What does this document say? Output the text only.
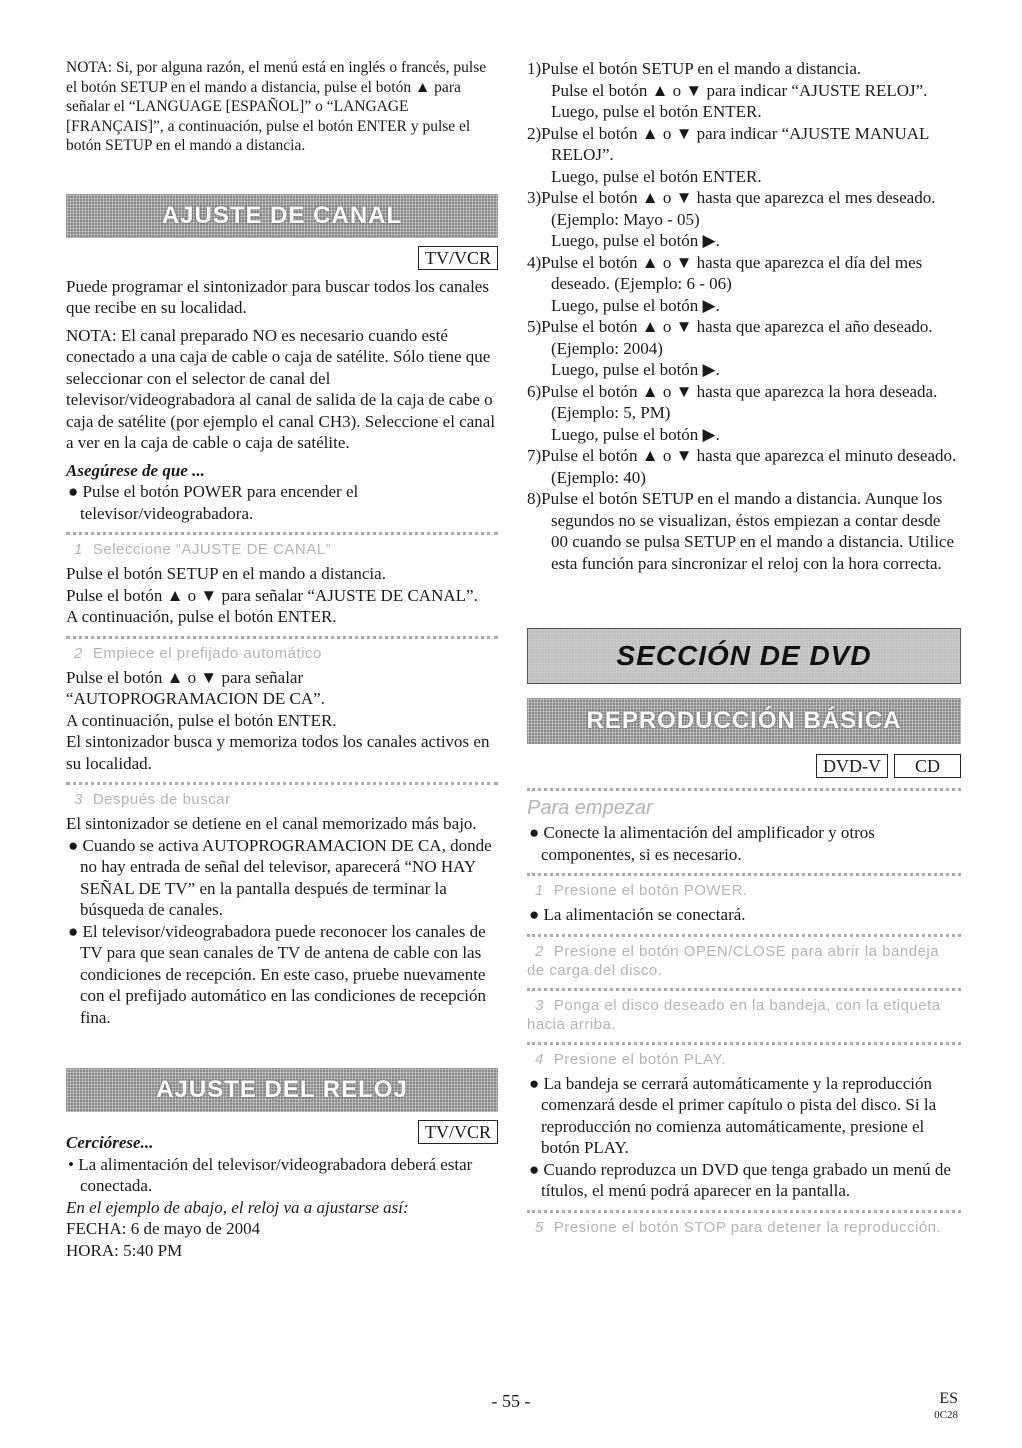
NOTA: Si, por alguna razón, el menú está en inglés o francés, pulse el botón SETUP en el mando a distancia, pulse el botón ▲ para señalar el “LANGUAGE [ESPAÑOL]” o “LANGAGE [FRANÇAIS]”, a continuación, pulse el botón ENTER y pulse el botón SETUP en el mando a distancia.

AJUSTE DE CANAL
TV/VCR

Puede programar el sintonizador para buscar todos los canales que recibe en su localidad.

NOTA: El canal preparado NO es necesario cuando esté conectado a una caja de cable o caja de satélite. Sólo tiene que seleccionar con el selector de canal del televisor/videograbadora al canal de salida de la caja de cabe o caja de satélite (por ejemplo el canal CH3). Seleccione el canal a ver en la caja de cable o caja de satélite.

Asegúrese de que ...

● Pulse el botón POWER para encender el televisor/videograbadora.

1 Seleccione “AJUSTE DE CANAL”

Pulse el botón SETUP en el mando a distancia.

Pulse el botón ▲ o ▼ para señalar “AJUSTE DE CANAL”.

A continuación, pulse el botón ENTER.

2 Empiece el prefijado automático

Pulse el botón ▲ o ▼ para señalar “AUTOPROGRAMACION DE CA”.

A continuación, pulse el botón ENTER.

El sintonizador busca y memoriza todos los canales activos en su localidad.

3 Después de buscar

El sintonizador se detiene en el canal memorizado más bajo.

● Cuando se activa AUTOPROGRAMACION DE CA, donde no hay entrada de señal del televisor, aparecerá “NO HAY SEÑAL DE TV” en la pantalla después de terminar la búsqueda de canales.

● El televisor/videograbadora puede reconocer los canales de TV para que sean canales de TV de antena de cable con las condiciones de recepción. En este caso, pruebe nuevamente con el prefijado automático en las condiciones de recepción fina.

AJUSTE DEL RELOJ
TV/VCR

Cerciórese...

• La alimentación del televisor/videograbadora deberá estar conectada.

En el ejemplo de abajo, el reloj va a ajustarse así:

FECHA: 6 de mayo de 2004

HORA: 5:40 PM

1)Pulse el botón SETUP en el mando a distancia.

Pulse el botón ▲ o ▼ para indicar “AJUSTE RELOJ”.

Luego, pulse el botón ENTER.

2)Pulse el botón ▲ o ▼ para indicar “AJUSTE MANUAL RELOJ”.

Luego, pulse el botón ENTER.

3)Pulse el botón ▲ o ▼ hasta que aparezca el mes deseado. (Ejemplo: Mayo - 05)

Luego, pulse el botón ▶.

4)Pulse el botón ▲ o ▼ hasta que aparezca el día del mes deseado. (Ejemplo: 6 - 06)

Luego, pulse el botón ▶.

5)Pulse el botón ▲ o ▼ hasta que aparezca el año deseado. (Ejemplo: 2004)

Luego, pulse el botón ▶.

6)Pulse el botón ▲ o ▼ hasta que aparezca la hora deseada. (Ejemplo: 5, PM)

Luego, pulse el botón ▶.

7)Pulse el botón ▲ o ▼ hasta que aparezca el minuto deseado. (Ejemplo: 40)

8)Pulse el botón SETUP en el mando a distancia. Aunque los segundos no se visualizan, éstos empiezan a contar desde 00 cuando se pulsa SETUP en el mando a distancia. Utilice esta función para sincronizar el reloj con la hora correcta.

SECCIÓN DE DVD
REPRODUCCIÓN BÁSICA
DVD-V CD
Para empezar

● Conecte la alimentación del amplificador y otros componentes, si es necesario.

1 Presione el botón POWER.

● La alimentación se conectará.

2 Presione el botón OPEN/CLOSE para abrir la bandeja de carga del disco.
3 Ponga el disco deseado en la bandeja, con la etiqueta hacia arriba.
4 Presione el botón PLAY.

● La bandeja se cerrará automáticamente y la reproducción comenzará desde el primer capítulo o pista del disco. Si la reproducción no comienza automáticamente, presione el botón PLAY.

● Cuando reproduzca un DVD que tenga grabado un menú de títulos, el menú podrá aparecer en la pantalla.

5 Presione el botón STOP para detener la reproducción.
- 55 -	ES
0C28
